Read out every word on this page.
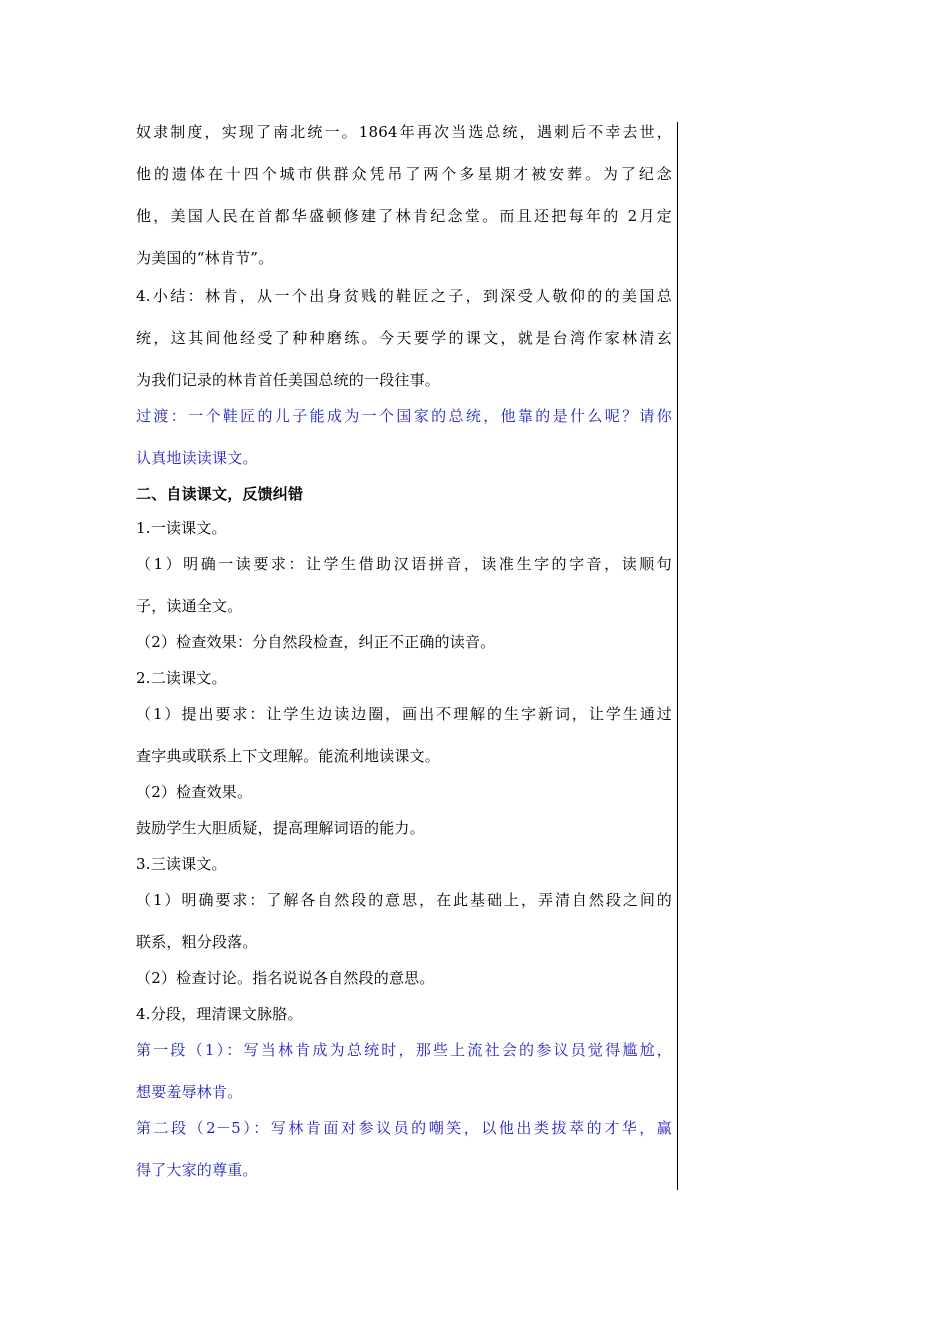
奴隶制度，实现了南北统一。1864年再次当选总统，遇刺后不幸去世，
他的遗体在十四个城市供群众凭吊了两个多星期才被安葬。为了纪念
他，美国人民在首都华盛顿修建了林肯纪念堂。而且还把每年的 2月定
为美国的“林肯节”。
4.小结：林肯，从一个出身贫贱的鞋匠之子，到深受人敬仰的的美国总
统，这其间他经受了种种磨练。今天要学的课文，就是台湾作家林清玄
为我们记录的林肯首任美国总统的一段往事。
过渡：一个鞋匠的儿子能成为一个国家的总统，他靠的是什么呢？请你
认真地读读课文。
二、自读课文，反馈纠错
1.一读课文。
（1）明确一读要求：让学生借助汉语拼音，读准生字的字音，读顺句
子，读通全文。
（2）检查效果：分自然段检查，纠正不正确的读音。
2.二读课文。
（1）提出要求：让学生边读边圈，画出不理解的生字新词，让学生通过
查字典或联系上下文理解。能流利地读课文。
（2）检查效果。
鼓励学生大胆质疑，提高理解词语的能力。
3.三读课文。
（1）明确要求：了解各自然段的意思，在此基础上，弄清自然段之间的
联系，粗分段落。
（2）检查讨论。指名说说各自然段的意思。
4.分段，理清课文脉胳。
第一段（1）：写当林肯成为总统时，那些上流社会的参议员觉得尴尬，
想要羞辱林肯。
第二段（2－5）：写林肯面对参议员的嘲笑，以他出类拔萃的才华，赢
得了大家的尊重。
